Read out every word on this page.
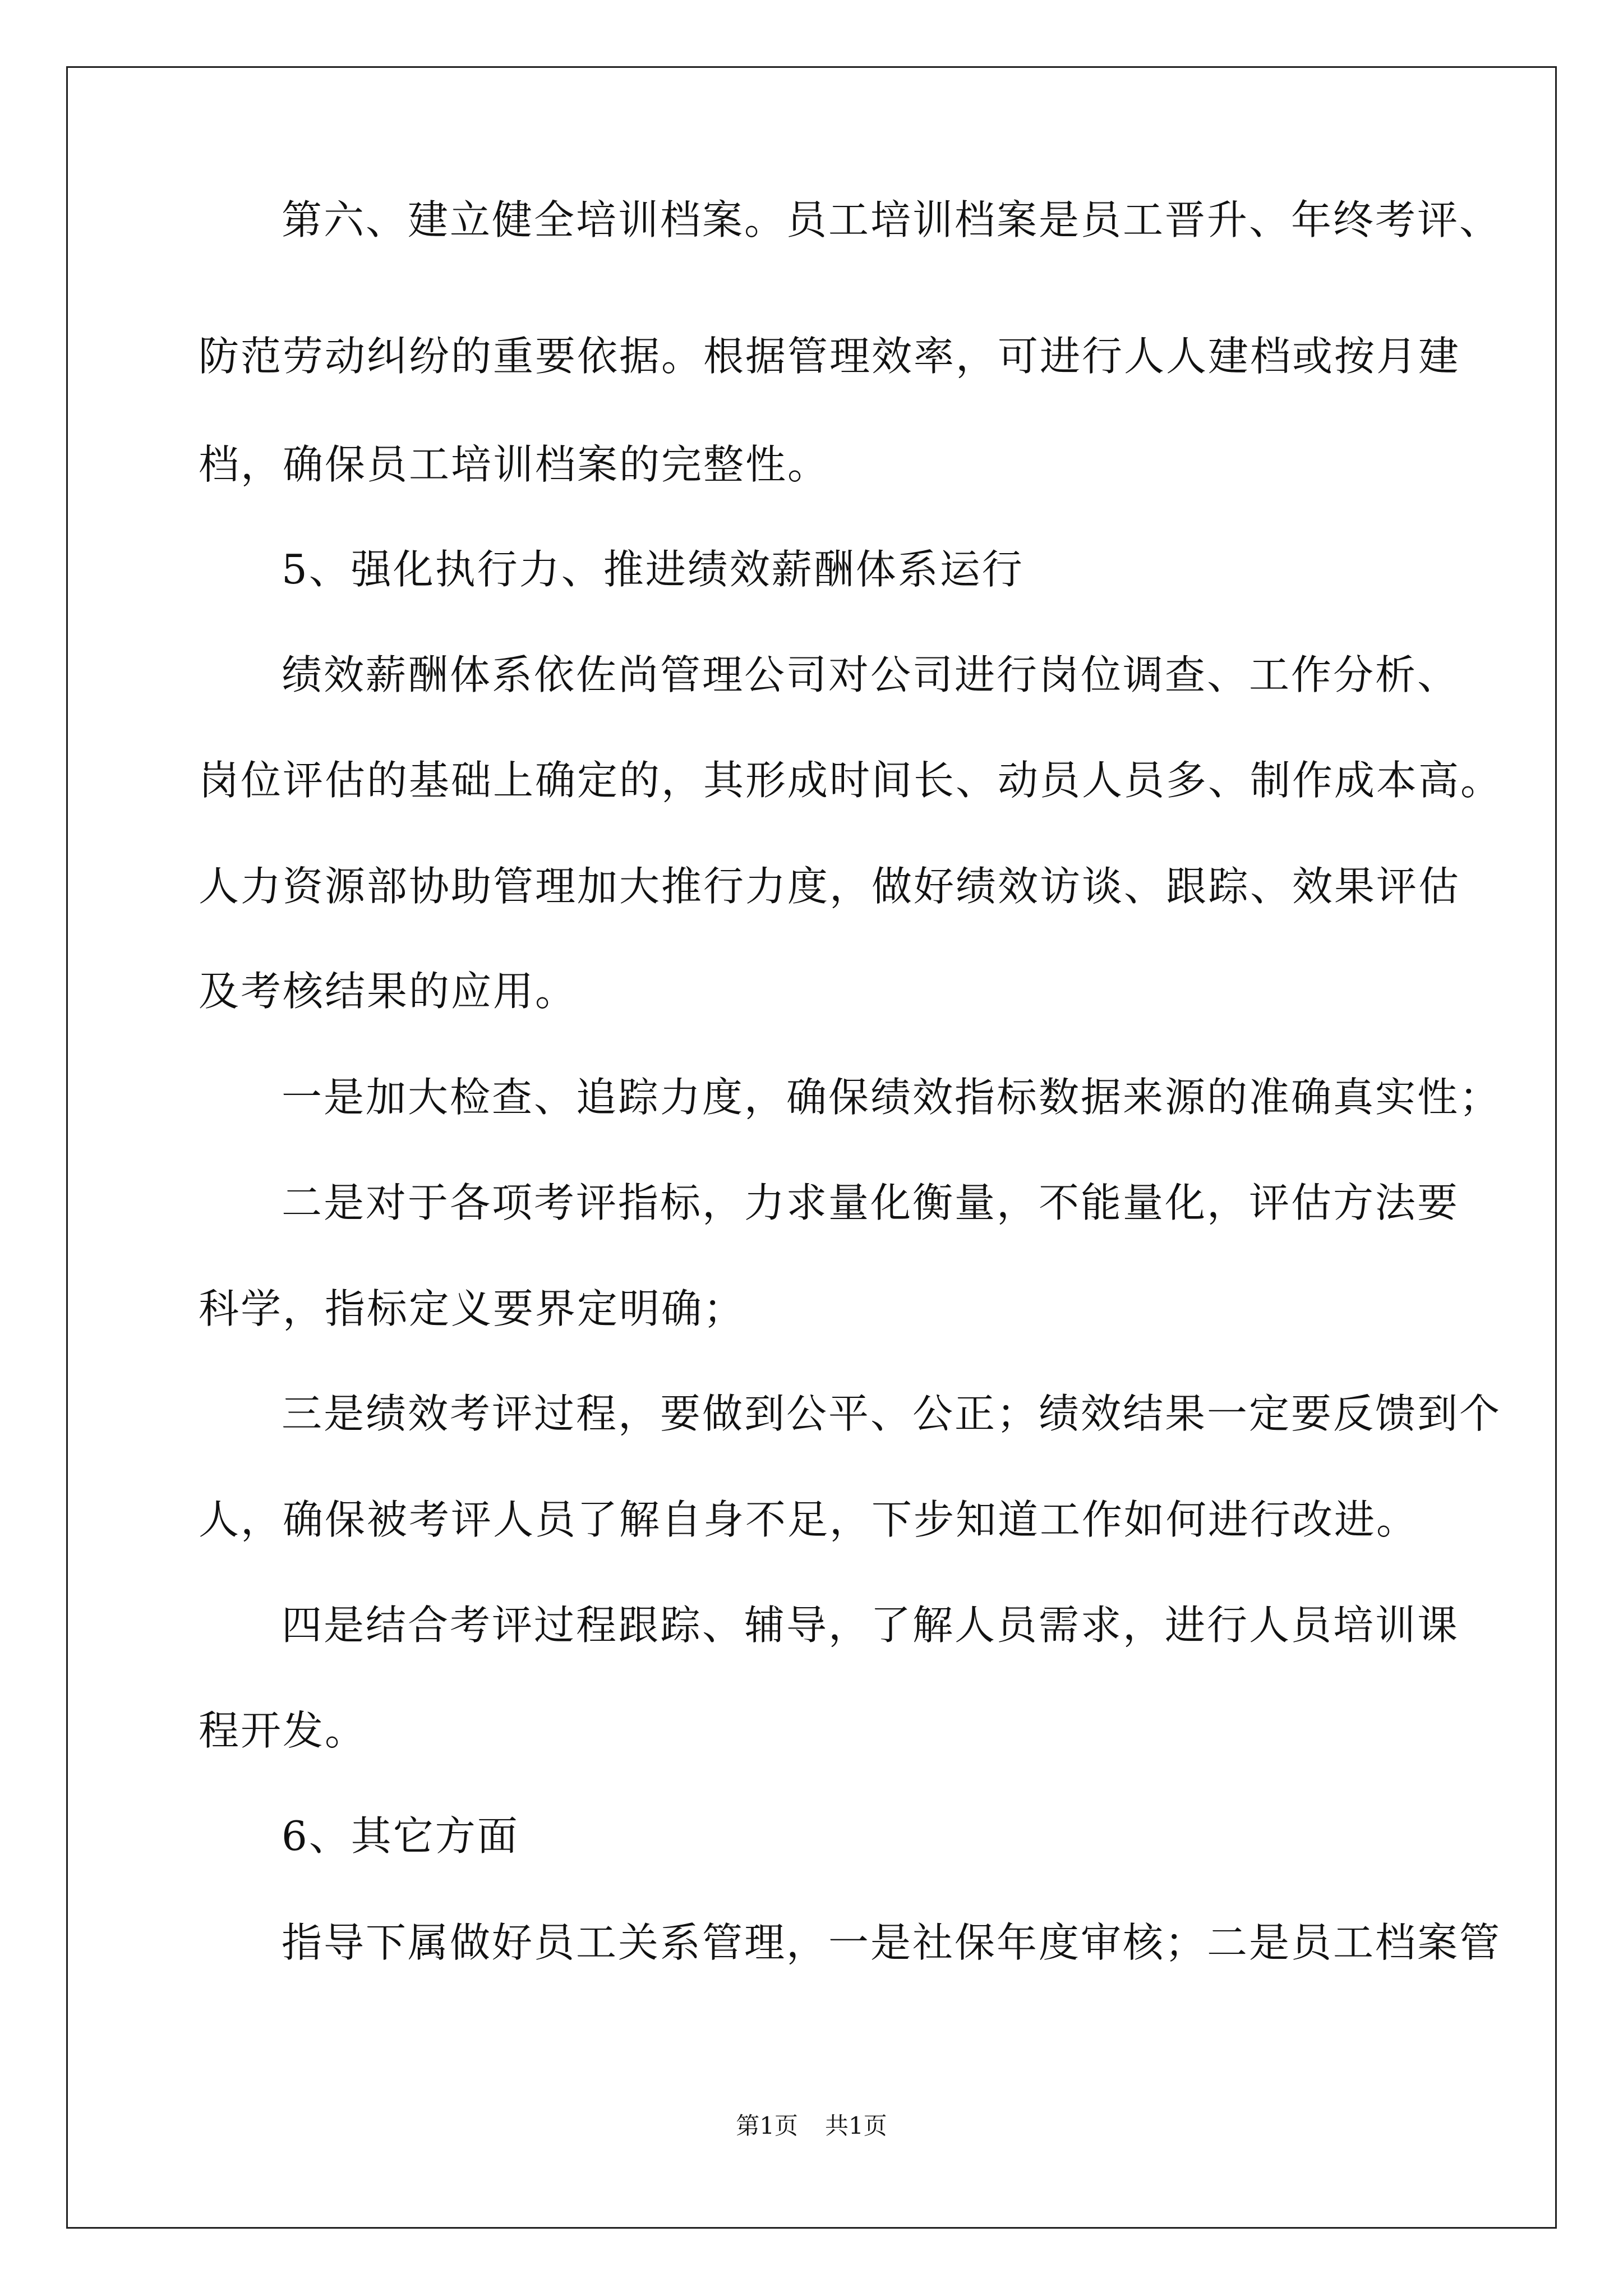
第六、建立健全培训档案。员工培训档案是员工晋升、年终考评、
防范劳动纠纷的重要依据。根据管理效率，可进行人人建档或按月建
档，确保员工培训档案的完整性。
5、强化执行力、推进绩效薪酬体系运行
绩效薪酬体系依佐尚管理公司对公司进行岗位调查、工作分析、
岗位评估的基础上确定的，其形成时间长、动员人员多、制作成本高。
人力资源部协助管理加大推行力度，做好绩效访谈、跟踪、效果评估
及考核结果的应用。
一是加大检查、追踪力度，确保绩效指标数据来源的准确真实性；
二是对于各项考评指标，力求量化衡量，不能量化，评估方法要
科学，指标定义要界定明确；
三是绩效考评过程，要做到公平、公正；绩效结果一定要反馈到个
人，确保被考评人员了解自身不足，下步知道工作如何进行改进。
四是结合考评过程跟踪、辅导，了解人员需求，进行人员培训课
程开发。
6、其它方面
指导下属做好员工关系管理，一是社保年度审核；二是员工档案管
第1页 共1页
